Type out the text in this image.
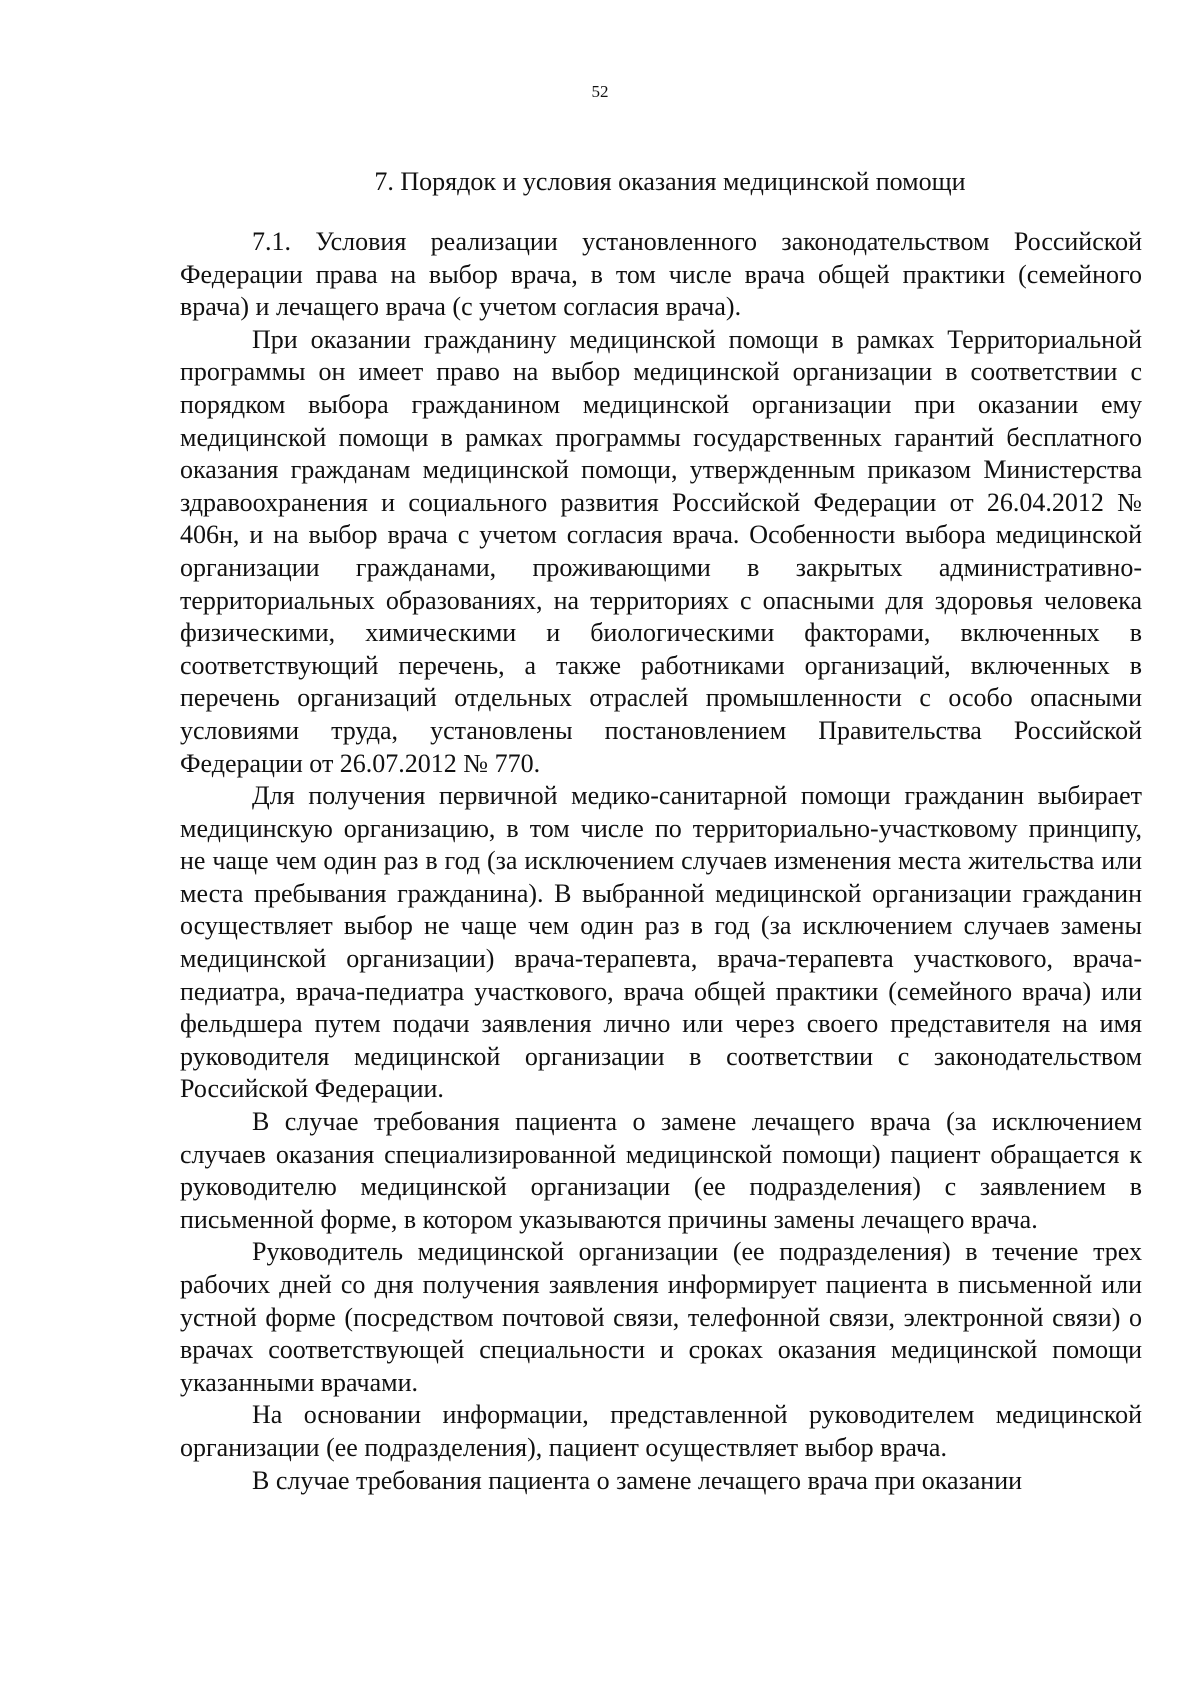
52
7. Порядок и условия оказания медицинской помощи

7.1. Условия реализации установленного законодательством Российской Федерации права на выбор врача, в том числе врача общей практики (семейного врача) и лечащего врача (с учетом согласия врача).

При оказании гражданину медицинской помощи в рамках Территориальной программы он имеет право на выбор медицинской организации в соответствии с порядком выбора гражданином медицинской организации при оказании ему медицинской помощи в рамках программы государственных гарантий бесплатного оказания гражданам медицинской помощи, утвержденным приказом Министерства здравоохранения и социального развития Российской Федерации от 26.04.2012 № 406н, и на выбор врача с учетом согласия врача. Особенности выбора медицинской организации гражданами, проживающими в закрытых административно-территориальных образованиях, на территориях с опасными для здоровья человека физическими, химическими и биологическими факторами, включенных в соответствующий перечень, а также работниками организаций, включенных в перечень организаций отдельных отраслей промышленности с особо опасными условиями труда, установлены постановлением Правительства Российской Федерации от 26.07.2012 № 770.

Для получения первичной медико-санитарной помощи гражданин выбирает медицинскую организацию, в том числе по территориально-участковому принципу, не чаще чем один раз в год (за исключением случаев изменения места жительства или места пребывания гражданина). В выбранной медицинской организации гражданин осуществляет выбор не чаще чем один раз в год (за исключением случаев замены медицинской организации) врача-терапевта, врача-терапевта участкового, врача-педиатра, врача-педиатра участкового, врача общей практики (семейного врача) или фельдшера путем подачи заявления лично или через своего представителя на имя руководителя медицинской организации в соответствии с законодательством Российской Федерации.

В случае требования пациента о замене лечащего врача (за исключением случаев оказания специализированной медицинской помощи) пациент обращается к руководителю медицинской организации (ее подразделения) с заявлением в письменной форме, в котором указываются причины замены лечащего врача.

Руководитель медицинской организации (ее подразделения) в течение трех рабочих дней со дня получения заявления информирует пациента в письменной или устной форме (посредством почтовой связи, телефонной связи, электронной связи) о врачах соответствующей специальности и сроках оказания медицинской помощи указанными врачами.

На основании информации, представленной руководителем медицинской организации (ее подразделения), пациент осуществляет выбор врача.

В случае требования пациента о замене лечащего врача при оказании
